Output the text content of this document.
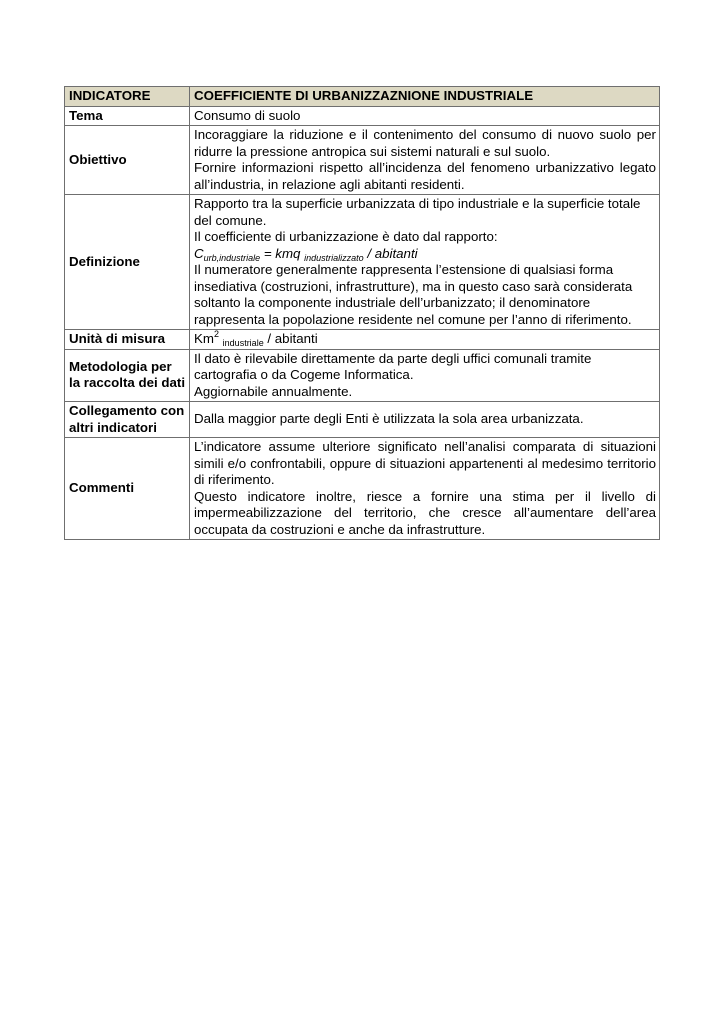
INDICATORE	COEFFICIENTE DI URBANIZZAZNIONE INDUSTRIALE
Tema	Consumo di suolo
Obiettivo	Incoraggiare la riduzione e il contenimento del consumo di nuovo suolo per ridurre la pressione antropica sui sistemi naturali e sul suolo.
Fornire informazioni rispetto all’incidenza del fenomeno urbanizzativo legato all’industria, in relazione agli abitanti residenti.

Definizione	Rapporto tra la superficie urbanizzata di tipo industriale e la superficie totale del comune.
Il coefficiente di urbanizzazione è dato dal rapporto:
$C_{urb,industriale}$ = kmq $_{industrializzato}$ / abitanti
Il numeratore generalmente rappresenta l’estensione di qualsiasi forma insediativa (costruzioni, infrastrutture), ma in questo caso sarà considerata soltanto la componente industriale dell’urbanizzato; il denominatore rappresenta la popolazione residente nel comune per l’anno di riferimento.

Unità di misura	Km$^2$ $_{industriale}$ / abitanti
Metodologia per la raccolta dei dati	Il dato è rilevabile direttamente da parte degli uffici comunali tramite cartografia o da Cogeme Informatica.
Aggiornabile annualmente.

Collegamento con altri indicatori	Dalla maggior parte degli Enti è utilizzata la sola area urbanizzata.
Commenti	L’indicatore assume ulteriore significato nell’analisi comparata di situazioni simili e/o confrontabili, oppure di situazioni appartenenti al medesimo territorio di riferimento.
Questo indicatore inoltre, riesce a fornire una stima per il livello di impermeabilizzazione del territorio, che cresce all’aumentare dell’area occupata da costruzioni e anche da infrastrutture.
